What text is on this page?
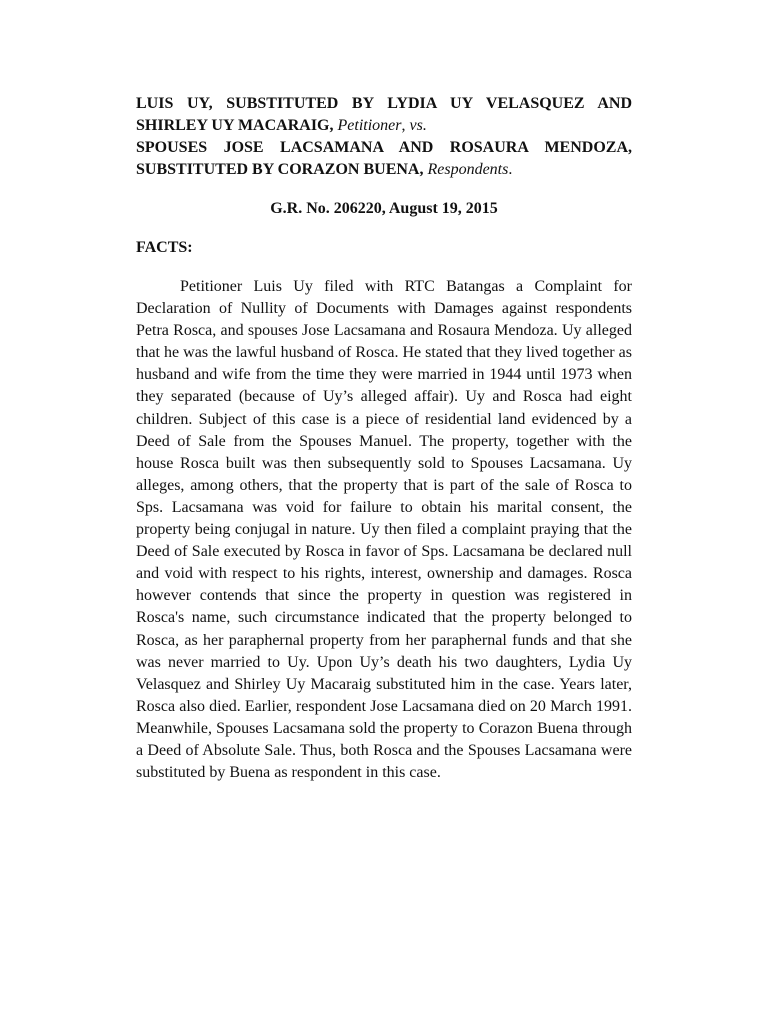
LUIS UY, SUBSTITUTED BY LYDIA UY VELASQUEZ AND
SHIRLEY UY MACARAIG, Petitioner, vs.
SPOUSES JOSE LACSAMANA AND ROSAURA MENDOZA,
SUBSTITUTED BY CORAZON BUENA, Respondents.
G.R. No. 206220, August 19, 2015
FACTS:

Petitioner Luis Uy filed with RTC Batangas a Complaint for Declaration of Nullity of Documents with Damages against respondents Petra Rosca, and spouses Jose Lacsamana and Rosaura Mendoza. Uy alleged that he was the lawful husband of Rosca. He stated that they lived together as husband and wife from the time they were married in 1944 until 1973 when they separated (because of Uy’s alleged affair). Uy and Rosca had eight children. Subject of this case is a piece of residential land evidenced by a Deed of Sale from the Spouses Manuel. The property, together with the house Rosca built was then subsequently sold to Spouses Lacsamana. Uy alleges, among others, that the property that is part of the sale of Rosca to Sps. Lacsamana was void for failure to obtain his marital consent, the property being conjugal in nature. Uy then filed a complaint praying that the Deed of Sale executed by Rosca in favor of Sps. Lacsamana be declared null and void with respect to his rights, interest, ownership and damages. Rosca however contends that since the property in question was registered in Rosca's name, such circumstance indicated that the property belonged to Rosca, as her paraphernal property from her paraphernal funds and that she was never married to Uy. Upon Uy’s death his two daughters, Lydia Uy Velasquez and Shirley Uy Macaraig substituted him in the case. Years later, Rosca also died. Earlier, respondent Jose Lacsamana died on 20 March 1991. Meanwhile, Spouses Lacsamana sold the property to Corazon Buena through a Deed of Absolute Sale. Thus, both Rosca and the Spouses Lacsamana were substituted by Buena as respondent in this case.
